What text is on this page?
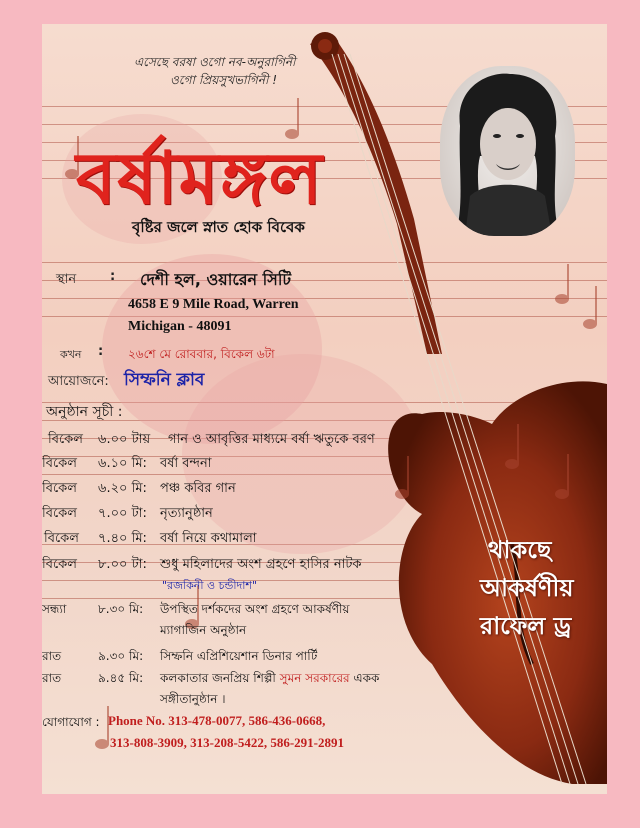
এসেছে বরষা ওগো নব-অনুরাগিনী
ওগো প্রিয়সুখভাগিনী !
বর্ষামঙ্গল
বৃষ্টির জলে স্নাত হোক বিবেক
স্থান	: দেশী হল, ওয়ারেন সিটি
4658 E 9 Mile Road, Warren
Michigan - 48091
কখন : ২৬শে মে রোববার, বিকেল ৬টা
আয়োজনে: সিম্ফনি ক্লাব
অনুষ্ঠান সূচী :
বিকেল ৬.০০ টায় গান ও আবৃত্তির মাধ্যমে বর্ষা ঋতুকে বরণ
বিকেল ৬.১০ মি: বর্ষা বন্দনা
বিকেল ৬.২০ মি: পঞ্চ কবির গান
বিকেল ৭.০০ টা: নৃত্যানুষ্ঠান
বিকেল ৭.৪০ মি: বর্ষা নিয়ে কথামালা
বিকেল ৮.০০ টা: শুধু মহিলাদের অংশ গ্রহণে হাসির নাটক
"রজকিনী ও চন্ডীদাশ"
সন্ধ্যা	৮.৩০ মি: উপস্থিত দর্শকদের অংশ গ্রহণে আকর্ষণীয়
ম্যাগাজিন অনুষ্ঠান
রাত	৯.৩০ মি: সিম্ফনি এপ্রিশিয়েশান ডিনার পার্টি
রাত	৯.৪৫ মি: কলকাতার জনপ্রিয় শিল্পী সুমন সরকারের একক
সঙ্গীতানুষ্ঠান ।
যোগাযোগ : Phone No. 313-478-0077, 586-436-0668,
313-808-3909, 313-208-5422, 586-291-2891
থাকছে
আকর্ষণীয়
রাফেল ড্র
